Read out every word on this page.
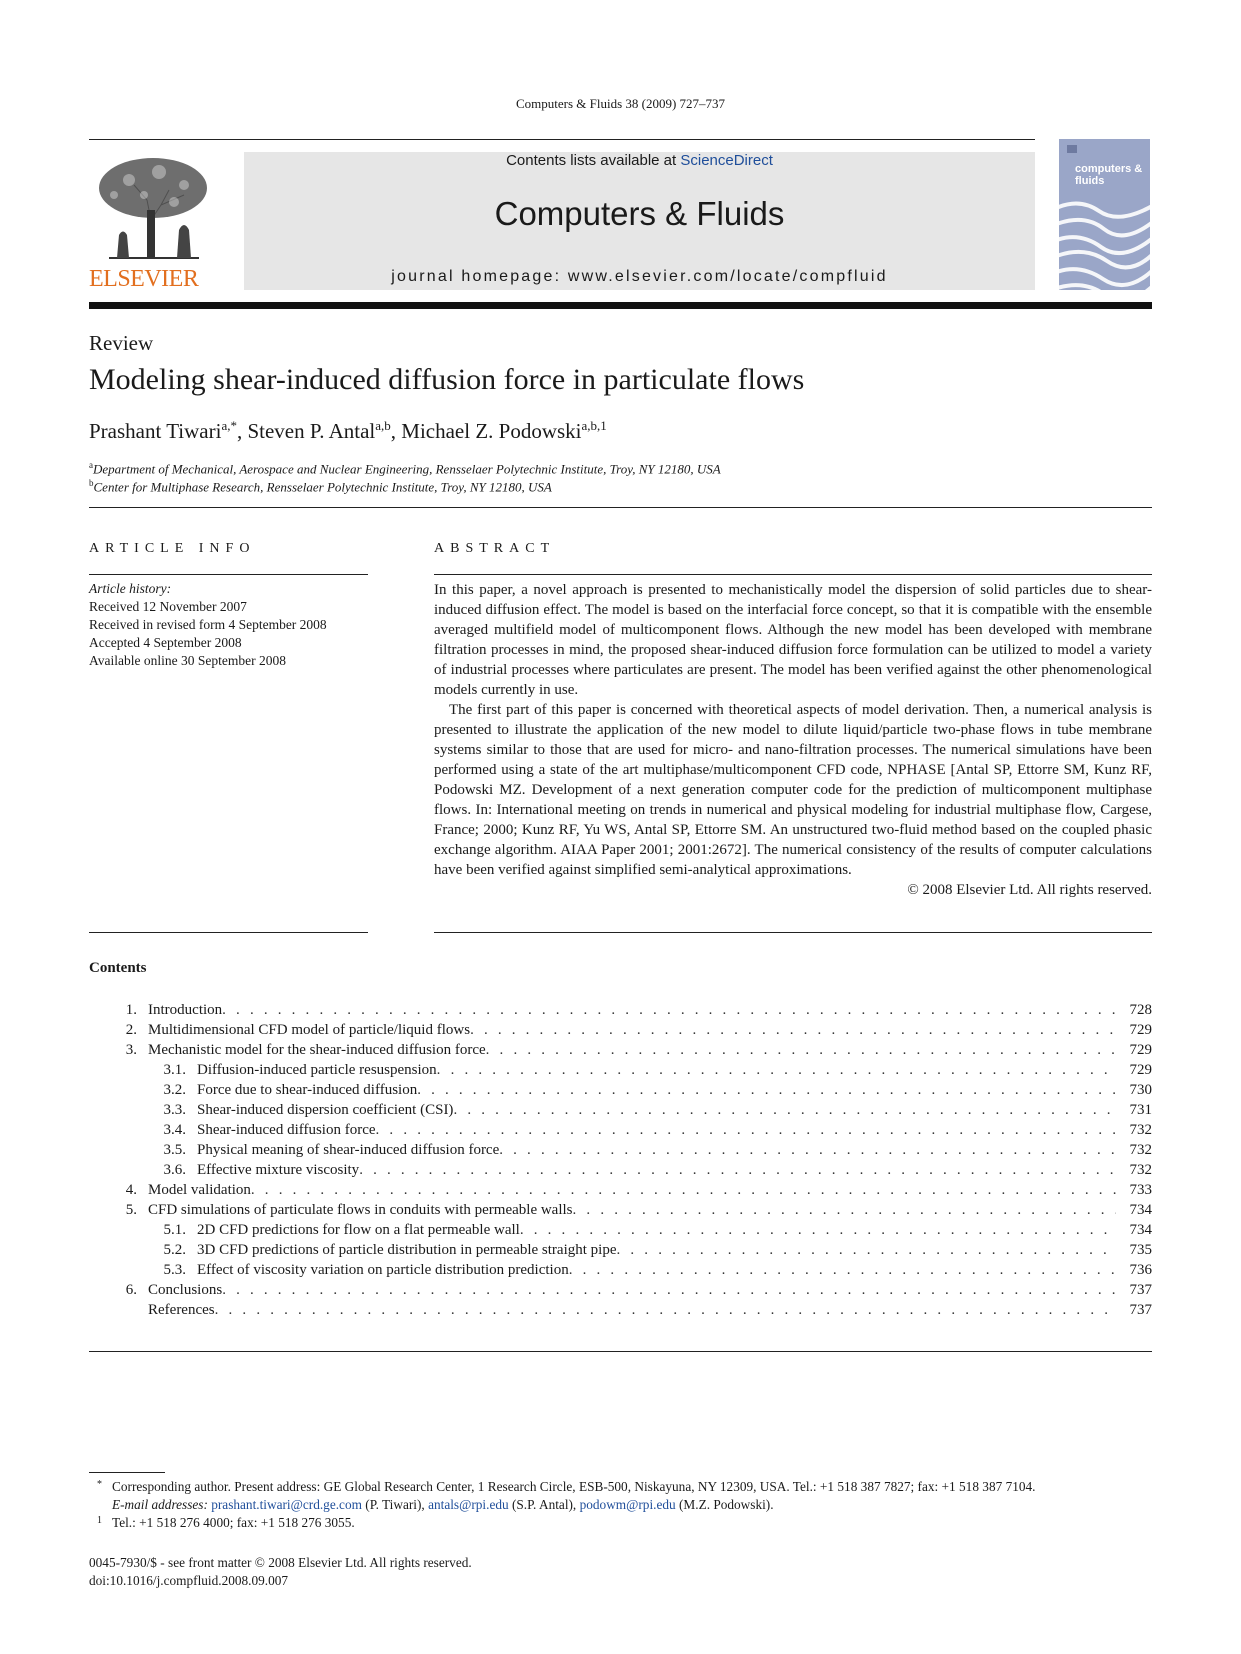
Computers & Fluids 38 (2009) 727–737
ELSEVIER
Contents lists available at ScienceDirect
Computers & Fluids
journal homepage: www.elsevier.com/locate/compfluid
computers & fluids
Review
Modeling shear-induced diffusion force in particulate flows
Prashant Tiwari$^{a,*}$, Steven P. Antal$^{a,b}$, Michael Z. Podowski$^{a,b,1}$
$^a$Department of Mechanical, Aerospace and Nuclear Engineering, Rensselaer Polytechnic Institute, Troy, NY 12180, USA
$^b$Center for Multiphase Research, Rensselaer Polytechnic Institute, Troy, NY 12180, USA
ARTICLE INFO	ABSTRACT
Article history:
Received 12 November 2007
Received in revised form 4 September 2008
Accepted 4 September 2008
Available online 30 September 2008

In this paper, a novel approach is presented to mechanistically model the dispersion of solid particles due to shear-induced diffusion effect. The model is based on the interfacial force concept, so that it is compatible with the ensemble averaged multifield model of multicomponent flows. Although the new model has been developed with membrane filtration processes in mind, the proposed shear-induced diffusion force formulation can be utilized to model a variety of industrial processes where particulates are present. The model has been verified against the other phenomenological models currently in use.

The first part of this paper is concerned with theoretical aspects of model derivation. Then, a numerical analysis is presented to illustrate the application of the new model to dilute liquid/particle two-phase flows in tube membrane systems similar to those that are used for micro- and nano-filtration processes. The numerical simulations have been performed using a state of the art multiphase/multicomponent CFD code, NPHASE [Antal SP, Ettorre SM, Kunz RF, Podowski MZ. Development of a next generation computer code for the prediction of multicomponent multiphase flows. In: International meeting on trends in numerical and physical modeling for industrial multiphase flow, Cargese, France; 2000; Kunz RF, Yu WS, Antal SP, Ettorre SM. An unstructured two-fluid method based on the coupled phasic exchange algorithm. AIAA Paper 2001; 2001:2672]. The numerical consistency of the results of computer calculations have been verified against simplified semi-analytical approximations.

© 2008 Elsevier Ltd. All rights reserved.

Contents
1. Introduction . . .	728
2. Multidimensional CFD model of particle/liquid flows . . .	729
3. Mechanistic model for the shear-induced diffusion force . . .	729
3.1. Diffusion-induced particle resuspension . . .	729
3.2. Force due to shear-induced diffusion . . .	730
3.3. Shear-induced dispersion coefficient (CSI) . . .	731
3.4. Shear-induced diffusion force . . .	732
3.5. Physical meaning of shear-induced diffusion force . . .	732
3.6. Effective mixture viscosity . . .	732
4. Model validation . . .	733
5. CFD simulations of particulate flows in conduits with permeable walls . . .	734
5.1. 2D CFD predictions for flow on a flat permeable wall . . .	734
5.2. 3D CFD predictions of particle distribution in permeable straight pipe . . .	735
5.3. Effect of viscosity variation on particle distribution prediction . . .	736
6. Conclusions . . .	737
References . . .	737
* Corresponding author. Present address: GE Global Research Center, 1 Research Circle, ESB-500, Niskayuna, NY 12309, USA. Tel.: +1 518 387 7827; fax: +1 518 387 7104.
E-mail addresses: prashant.tiwari@crd.ge.com (P. Tiwari), antals@rpi.edu (S.P. Antal), podowm@rpi.edu (M.Z. Podowski).
1 Tel.: +1 518 276 4000; fax: +1 518 276 3055.
0045-7930/$ - see front matter © 2008 Elsevier Ltd. All rights reserved.
doi:10.1016/j.compfluid.2008.09.007
